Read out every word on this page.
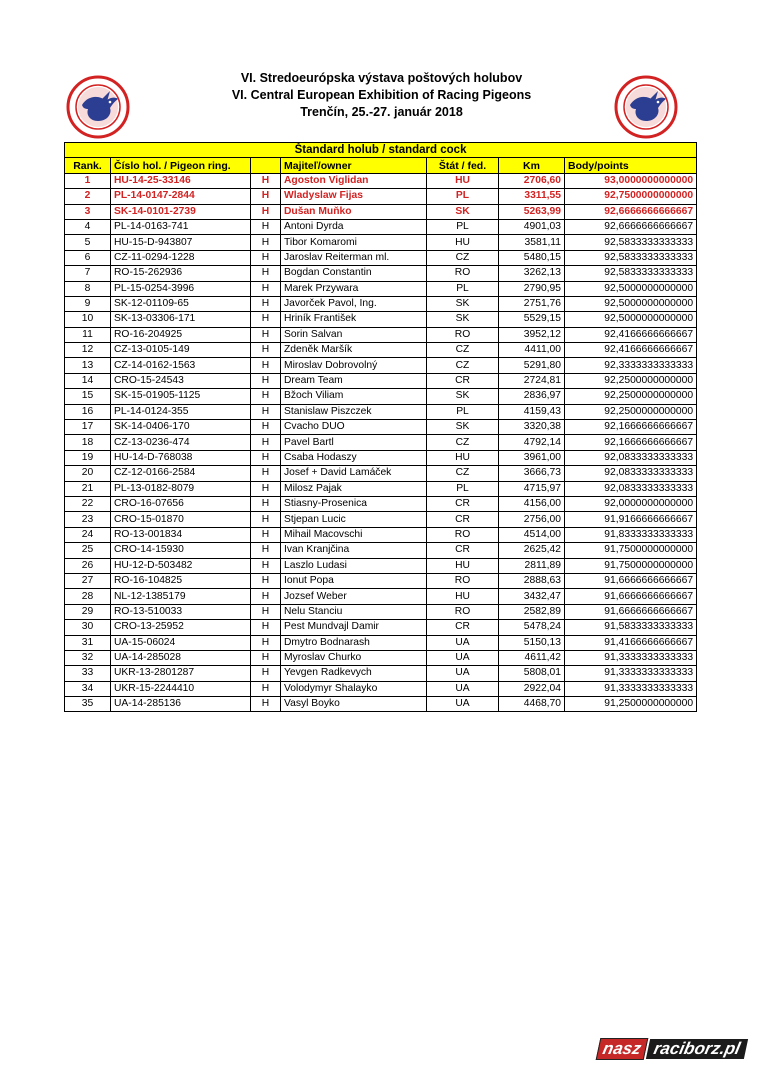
VI. Stredoeurópska výstava poštových holubov
VI. Central European Exhibition of Racing Pigeons
Trenčín, 25.-27. január 2018
Štandard holub / standard cock						
Rank.	Číslo hol. / Pigeon ring.		Majiteľ/owner	Štát / fed.	Km	Body/points
1	HU-14-25-33146	H	Agoston Viglidan	HU	2706,60	93,0000000000000
2	PL-14-0147-2844	H	Wladyslaw Fijas	PL	3311,55	92,7500000000000
3	SK-14-0101-2739	H	Dušan Muňko	SK	5263,99	92,6666666666667
4	PL-14-0163-741	H	Antoni Dyrda	PL	4901,03	92,6666666666667
5	HU-15-D-943807	H	Tibor Komaromi	HU	3581,11	92,5833333333333
6	CZ-11-0294-1228	H	Jaroslav Reiterman ml.	CZ	5480,15	92,5833333333333
7	RO-15-262936	H	Bogdan Constantin	RO	3262,13	92,5833333333333
8	PL-15-0254-3996	H	Marek Przywara	PL	2790,95	92,5000000000000
9	SK-12-01109-65	H	Javorček Pavol, Ing.	SK	2751,76	92,5000000000000
10	SK-13-03306-171	H	Hriník František	SK	5529,15	92,5000000000000
11	RO-16-204925	H	Sorin Salvan	RO	3952,12	92,4166666666667
12	CZ-13-0105-149	H	Zdeněk Maršík	CZ	4411,00	92,4166666666667
13	CZ-14-0162-1563	H	Miroslav Dobrovolný	CZ	5291,80	92,3333333333333
14	CRO-15-24543	H	Dream Team	CR	2724,81	92,2500000000000
15	SK-15-01905-1125	H	Bžoch Viliam	SK	2836,97	92,2500000000000
16	PL-14-0124-355	H	Stanislaw Piszczek	PL	4159,43	92,2500000000000
17	SK-14-0406-170	H	Cvacho DUO	SK	3320,38	92,1666666666667
18	CZ-13-0236-474	H	Pavel Bartl	CZ	4792,14	92,1666666666667
19	HU-14-D-768038	H	Csaba Hodaszy	HU	3961,00	92,0833333333333
20	CZ-12-0166-2584	H	Josef + David Lamáček	CZ	3666,73	92,0833333333333
21	PL-13-0182-8079	H	Milosz Pajak	PL	4715,97	92,0833333333333
22	CRO-16-07656	H	Stiasny-Prosenica	CR	4156,00	92,0000000000000
23	CRO-15-01870	H	Stjepan Lucic	CR	2756,00	91,9166666666667
24	RO-13-001834	H	Mihail Macovschi	RO	4514,00	91,8333333333333
25	CRO-14-15930	H	Ivan Kranjčina	CR	2625,42	91,7500000000000
26	HU-12-D-503482	H	Laszlo Ludasi	HU	2811,89	91,7500000000000
27	RO-16-104825	H	Ionut Popa	RO	2888,63	91,6666666666667
28	NL-12-1385179	H	Jozsef Weber	HU	3432,47	91,6666666666667
29	RO-13-510033	H	Nelu Stanciu	RO	2582,89	91,6666666666667
30	CRO-13-25952	H	Pest Mundvajl Damir	CR	5478,24	91,5833333333333
31	UA-15-06024	H	Dmytro Bodnarash	UA	5150,13	91,4166666666667
32	UA-14-285028	H	Myroslav Churko	UA	4611,42	91,3333333333333
33	UKR-13-2801287	H	Yevgen Radkevych	UA	5808,01	91,3333333333333
34	UKR-15-2244410	H	Volodymyr Shalayko	UA	2922,04	91,3333333333333
35	UA-14-285136	H	Vasyl Boyko	UA	4468,70	91,2500000000000
nasz raciborz.pl
